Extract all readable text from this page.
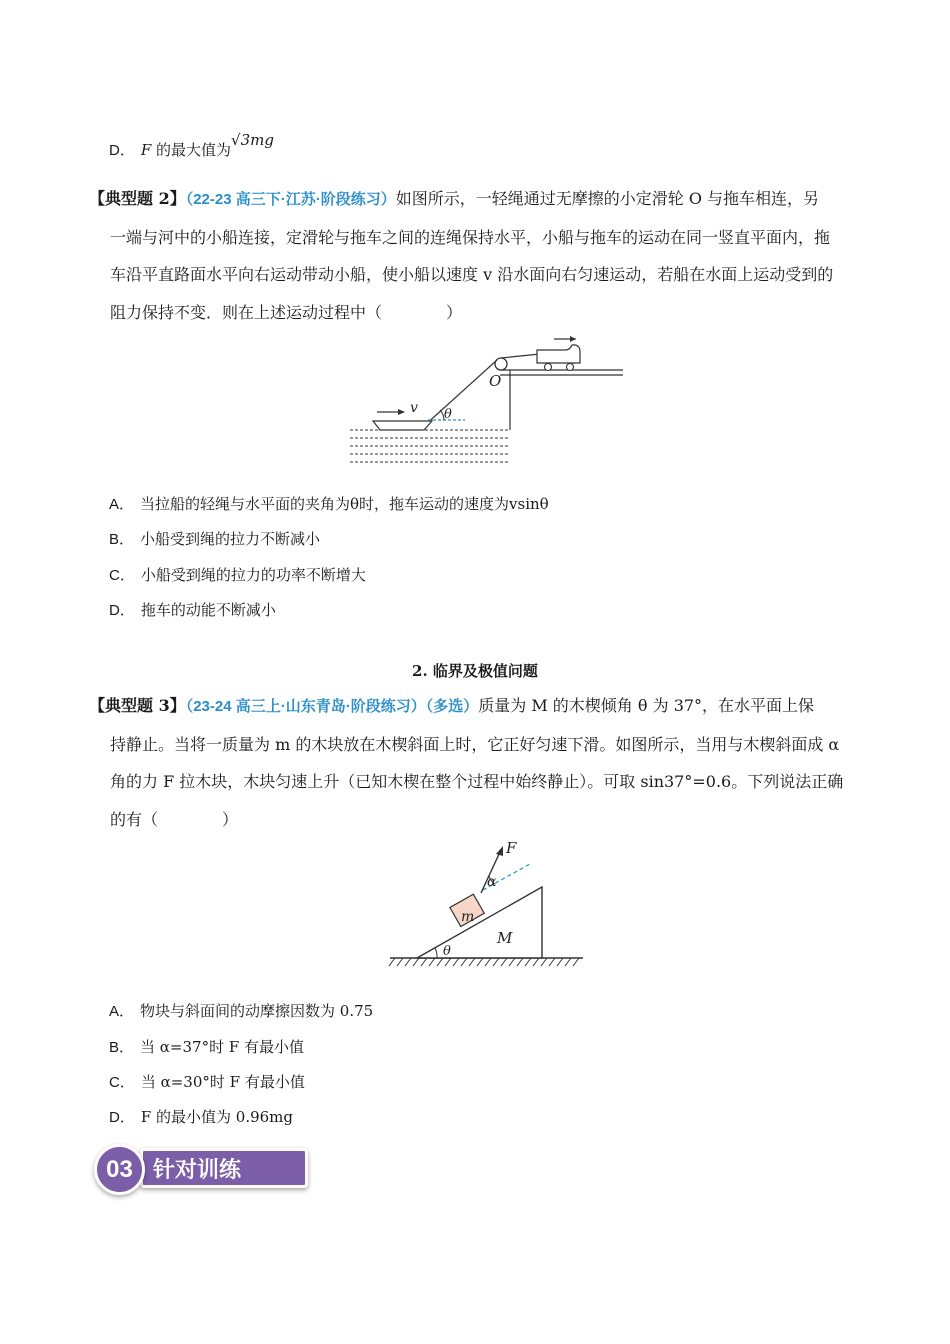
D． F 的最大值为√3mg
【典型题 2】（22-23 高三下·江苏·阶段练习）如图所示，一轻绳通过无摩擦的小定滑轮 O 与拖车相连，另
一端与河中的小船连接，定滑轮与拖车之间的连绳保持水平，小船与拖车的运动在同一竖直平面内，拖
车沿平直路面水平向右运动带动小船，使小船以速度 v 沿水面向右匀速运动，若船在水面上运动受到的
阻力保持不变．则在上述运动过程中（　　　　）
O
v θ
A． 当拉船的轻绳与水平面的夹角为θ时，拖车运动的速度为vsinθ
B． 小船受到绳的拉力不断减小
C． 小船受到绳的拉力的功率不断增大
D． 拖车的动能不断减小
2. 临界及极值问题
【典型题 3】（23-24 高三上·山东青岛·阶段练习）（多选）质量为 M 的木楔倾角 θ 为 37°，在水平面上保
持静止。当将一质量为 m 的木块放在木楔斜面上时，它正好匀速下滑。如图所示，当用与木楔斜面成 α
角的力 F 拉木块，木块匀速上升（已知木楔在整个过程中始终静止）。可取 sin37°=0.6。下列说法正确
的有（　　　　）
F
α
m
M
θ
A． 物块与斜面间的动摩擦因数为 0.75
B． 当 α=37°时 F 有最小值
C． 当 α=30°时 F 有最小值
D． F 的最小值为 0.96mg
03 针对训练
